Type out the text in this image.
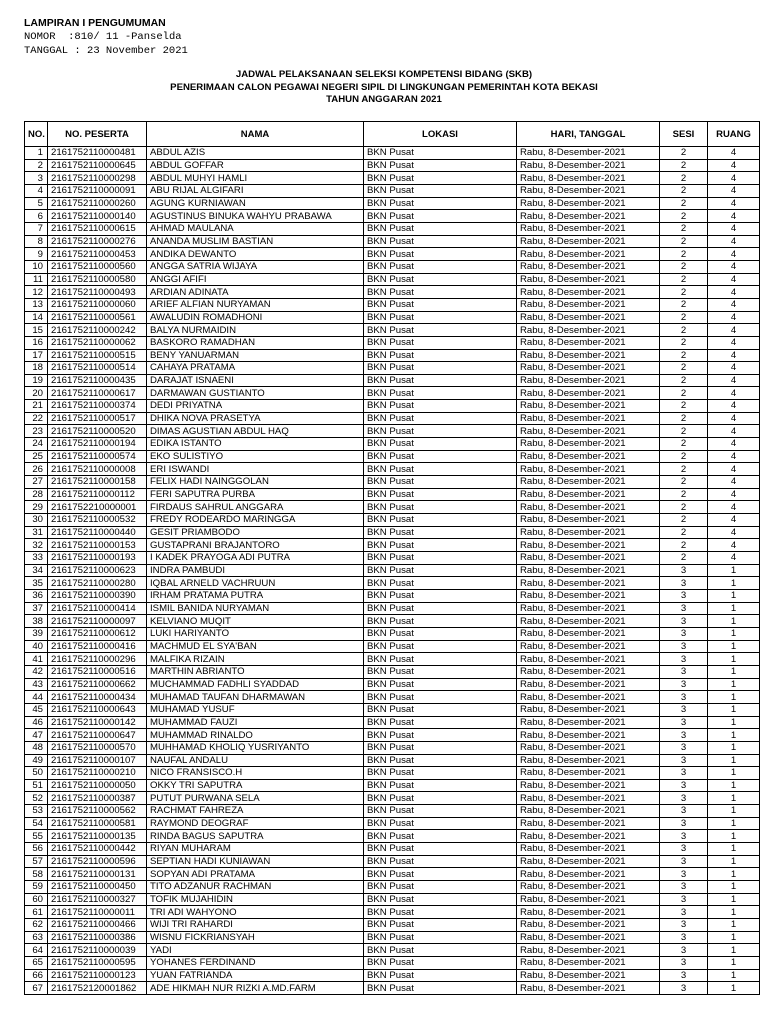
LAMPIRAN I PENGUMUMAN
NOMOR :810/ 11 -Panselda
TANGGAL : 23 November 2021
JADWAL PELAKSANAAN SELEKSI KOMPETENSI BIDANG (SKB)
PENERIMAAN CALON PEGAWAI NEGERI SIPIL DI LINGKUNGAN PEMERINTAH KOTA BEKASI
TAHUN ANGGARAN 2021
NO.	NO. PESERTA	NAMA	LOKASI	HARI, TANGGAL	SESI	RUANG
1	2161752110000481	ABDUL AZIS	BKN Pusat	Rabu, 8-Desember-2021	2	4
2	2161752110000645	ABDUL GOFFAR	BKN Pusat	Rabu, 8-Desember-2021	2	4
3	2161752110000298	ABDUL MUHYI HAMLI	BKN Pusat	Rabu, 8-Desember-2021	2	4
4	2161752110000091	ABU RIJAL ALGIFARI	BKN Pusat	Rabu, 8-Desember-2021	2	4
5	2161752110000260	AGUNG KURNIAWAN	BKN Pusat	Rabu, 8-Desember-2021	2	4
6	2161752110000140	AGUSTINUS BINUKA WAHYU PRABAWA	BKN Pusat	Rabu, 8-Desember-2021	2	4
7	2161752110000615	AHMAD MAULANA	BKN Pusat	Rabu, 8-Desember-2021	2	4
8	2161752110000276	ANANDA MUSLIM BASTIAN	BKN Pusat	Rabu, 8-Desember-2021	2	4
9	2161752110000453	ANDIKA DEWANTO	BKN Pusat	Rabu, 8-Desember-2021	2	4
10	2161752110000560	ANGGA SATRIA WIJAYA	BKN Pusat	Rabu, 8-Desember-2021	2	4
11	2161752110000580	ANGGI AFIFI	BKN Pusat	Rabu, 8-Desember-2021	2	4
12	2161752110000493	ARDIAN ADINATA	BKN Pusat	Rabu, 8-Desember-2021	2	4
13	2161752110000060	ARIEF ALFIAN NURYAMAN	BKN Pusat	Rabu, 8-Desember-2021	2	4
14	2161752110000561	AWALUDIN ROMADHONI	BKN Pusat	Rabu, 8-Desember-2021	2	4
15	2161752110000242	BALYA NURMAIDIN	BKN Pusat	Rabu, 8-Desember-2021	2	4
16	2161752110000062	BASKORO RAMADHAN	BKN Pusat	Rabu, 8-Desember-2021	2	4
17	2161752110000515	BENY YANUARMAN	BKN Pusat	Rabu, 8-Desember-2021	2	4
18	2161752110000514	CAHAYA PRATAMA	BKN Pusat	Rabu, 8-Desember-2021	2	4
19	2161752110000435	DARAJAT ISNAENI	BKN Pusat	Rabu, 8-Desember-2021	2	4
20	2161752110000617	DARMAWAN GUSTIANTO	BKN Pusat	Rabu, 8-Desember-2021	2	4
21	2161752110000374	DEDI PRIYATNA	BKN Pusat	Rabu, 8-Desember-2021	2	4
22	2161752110000517	DHIKA NOVA PRASETYA	BKN Pusat	Rabu, 8-Desember-2021	2	4
23	2161752110000520	DIMAS AGUSTIAN ABDUL HAQ	BKN Pusat	Rabu, 8-Desember-2021	2	4
24	2161752110000194	EDIKA ISTANTO	BKN Pusat	Rabu, 8-Desember-2021	2	4
25	2161752110000574	EKO SULISTIYO	BKN Pusat	Rabu, 8-Desember-2021	2	4
26	2161752110000008	ERI ISWANDI	BKN Pusat	Rabu, 8-Desember-2021	2	4
27	2161752110000158	FELIX HADI NAINGGOLAN	BKN Pusat	Rabu, 8-Desember-2021	2	4
28	2161752110000112	FERI SAPUTRA PURBA	BKN Pusat	Rabu, 8-Desember-2021	2	4
29	2161752210000001	FIRDAUS SAHRUL ANGGARA	BKN Pusat	Rabu, 8-Desember-2021	2	4
30	2161752110000532	FREDY RODEARDO MARINGGA	BKN Pusat	Rabu, 8-Desember-2021	2	4
31	2161752110000440	GESIT PRIAMBODO	BKN Pusat	Rabu, 8-Desember-2021	2	4
32	2161752110000153	GUSTAPRANI BRAJANTORO	BKN Pusat	Rabu, 8-Desember-2021	2	4
33	2161752110000193	I KADEK PRAYOGA ADI PUTRA	BKN Pusat	Rabu, 8-Desember-2021	2	4
34	2161752110000623	INDRA PAMBUDI	BKN Pusat	Rabu, 8-Desember-2021	3	1
35	2161752110000280	IQBAL ARNELD VACHRUUN	BKN Pusat	Rabu, 8-Desember-2021	3	1
36	2161752110000390	IRHAM PRATAMA PUTRA	BKN Pusat	Rabu, 8-Desember-2021	3	1
37	2161752110000414	ISMIL BANIDA NURYAMAN	BKN Pusat	Rabu, 8-Desember-2021	3	1
38	2161752110000097	KELVIANO MUQIT	BKN Pusat	Rabu, 8-Desember-2021	3	1
39	2161752110000612	LUKI HARIYANTO	BKN Pusat	Rabu, 8-Desember-2021	3	1
40	2161752110000416	MACHMUD EL SYA'BAN	BKN Pusat	Rabu, 8-Desember-2021	3	1
41	2161752110000296	MALFIKA RIZAIN	BKN Pusat	Rabu, 8-Desember-2021	3	1
42	2161752110000516	MARTHIN ABRIANTO	BKN Pusat	Rabu, 8-Desember-2021	3	1
43	2161752110000662	MUCHAMMAD FADHLI SYADDAD	BKN Pusat	Rabu, 8-Desember-2021	3	1
44	2161752110000434	MUHAMAD TAUFAN DHARMAWAN	BKN Pusat	Rabu, 8-Desember-2021	3	1
45	2161752110000643	MUHAMAD YUSUF	BKN Pusat	Rabu, 8-Desember-2021	3	1
46	2161752110000142	MUHAMMAD FAUZI	BKN Pusat	Rabu, 8-Desember-2021	3	1
47	2161752110000647	MUHAMMAD RINALDO	BKN Pusat	Rabu, 8-Desember-2021	3	1
48	2161752110000570	MUHHAMAD KHOLIQ YUSRIYANTO	BKN Pusat	Rabu, 8-Desember-2021	3	1
49	2161752110000107	NAUFAL ANDALU	BKN Pusat	Rabu, 8-Desember-2021	3	1
50	2161752110000210	NICO FRANSISCO.H	BKN Pusat	Rabu, 8-Desember-2021	3	1
51	2161752110000050	OKKY TRI SAPUTRA	BKN Pusat	Rabu, 8-Desember-2021	3	1
52	2161752110000387	PUTUT PURWANA SELA	BKN Pusat	Rabu, 8-Desember-2021	3	1
53	2161752110000562	RACHMAT FAHREZA	BKN Pusat	Rabu, 8-Desember-2021	3	1
54	2161752110000581	RAYMOND DEOGRAF	BKN Pusat	Rabu, 8-Desember-2021	3	1
55	2161752110000135	RINDA BAGUS SAPUTRA	BKN Pusat	Rabu, 8-Desember-2021	3	1
56	2161752110000442	RIYAN MUHARAM	BKN Pusat	Rabu, 8-Desember-2021	3	1
57	2161752110000596	SEPTIAN HADI KUNIAWAN	BKN Pusat	Rabu, 8-Desember-2021	3	1
58	2161752110000131	SOPYAN ADI PRATAMA	BKN Pusat	Rabu, 8-Desember-2021	3	1
59	2161752110000450	TITO ADZANUR RACHMAN	BKN Pusat	Rabu, 8-Desember-2021	3	1
60	2161752110000327	TOFIK MUJAHIDIN	BKN Pusat	Rabu, 8-Desember-2021	3	1
61	2161752110000011	TRI ADI WAHYONO	BKN Pusat	Rabu, 8-Desember-2021	3	1
62	2161752110000466	WIJI TRI RAHARDI	BKN Pusat	Rabu, 8-Desember-2021	3	1
63	2161752110000386	WISNU FICKRIANSYAH	BKN Pusat	Rabu, 8-Desember-2021	3	1
64	2161752110000039	YADI	BKN Pusat	Rabu, 8-Desember-2021	3	1
65	2161752110000595	YOHANES FERDINAND	BKN Pusat	Rabu, 8-Desember-2021	3	1
66	2161752110000123	YUAN FATRIANDA	BKN Pusat	Rabu, 8-Desember-2021	3	1
67	2161752120001862	ADE HIKMAH NUR RIZKI A.MD.FARM	BKN Pusat	Rabu, 8-Desember-2021	3	1
